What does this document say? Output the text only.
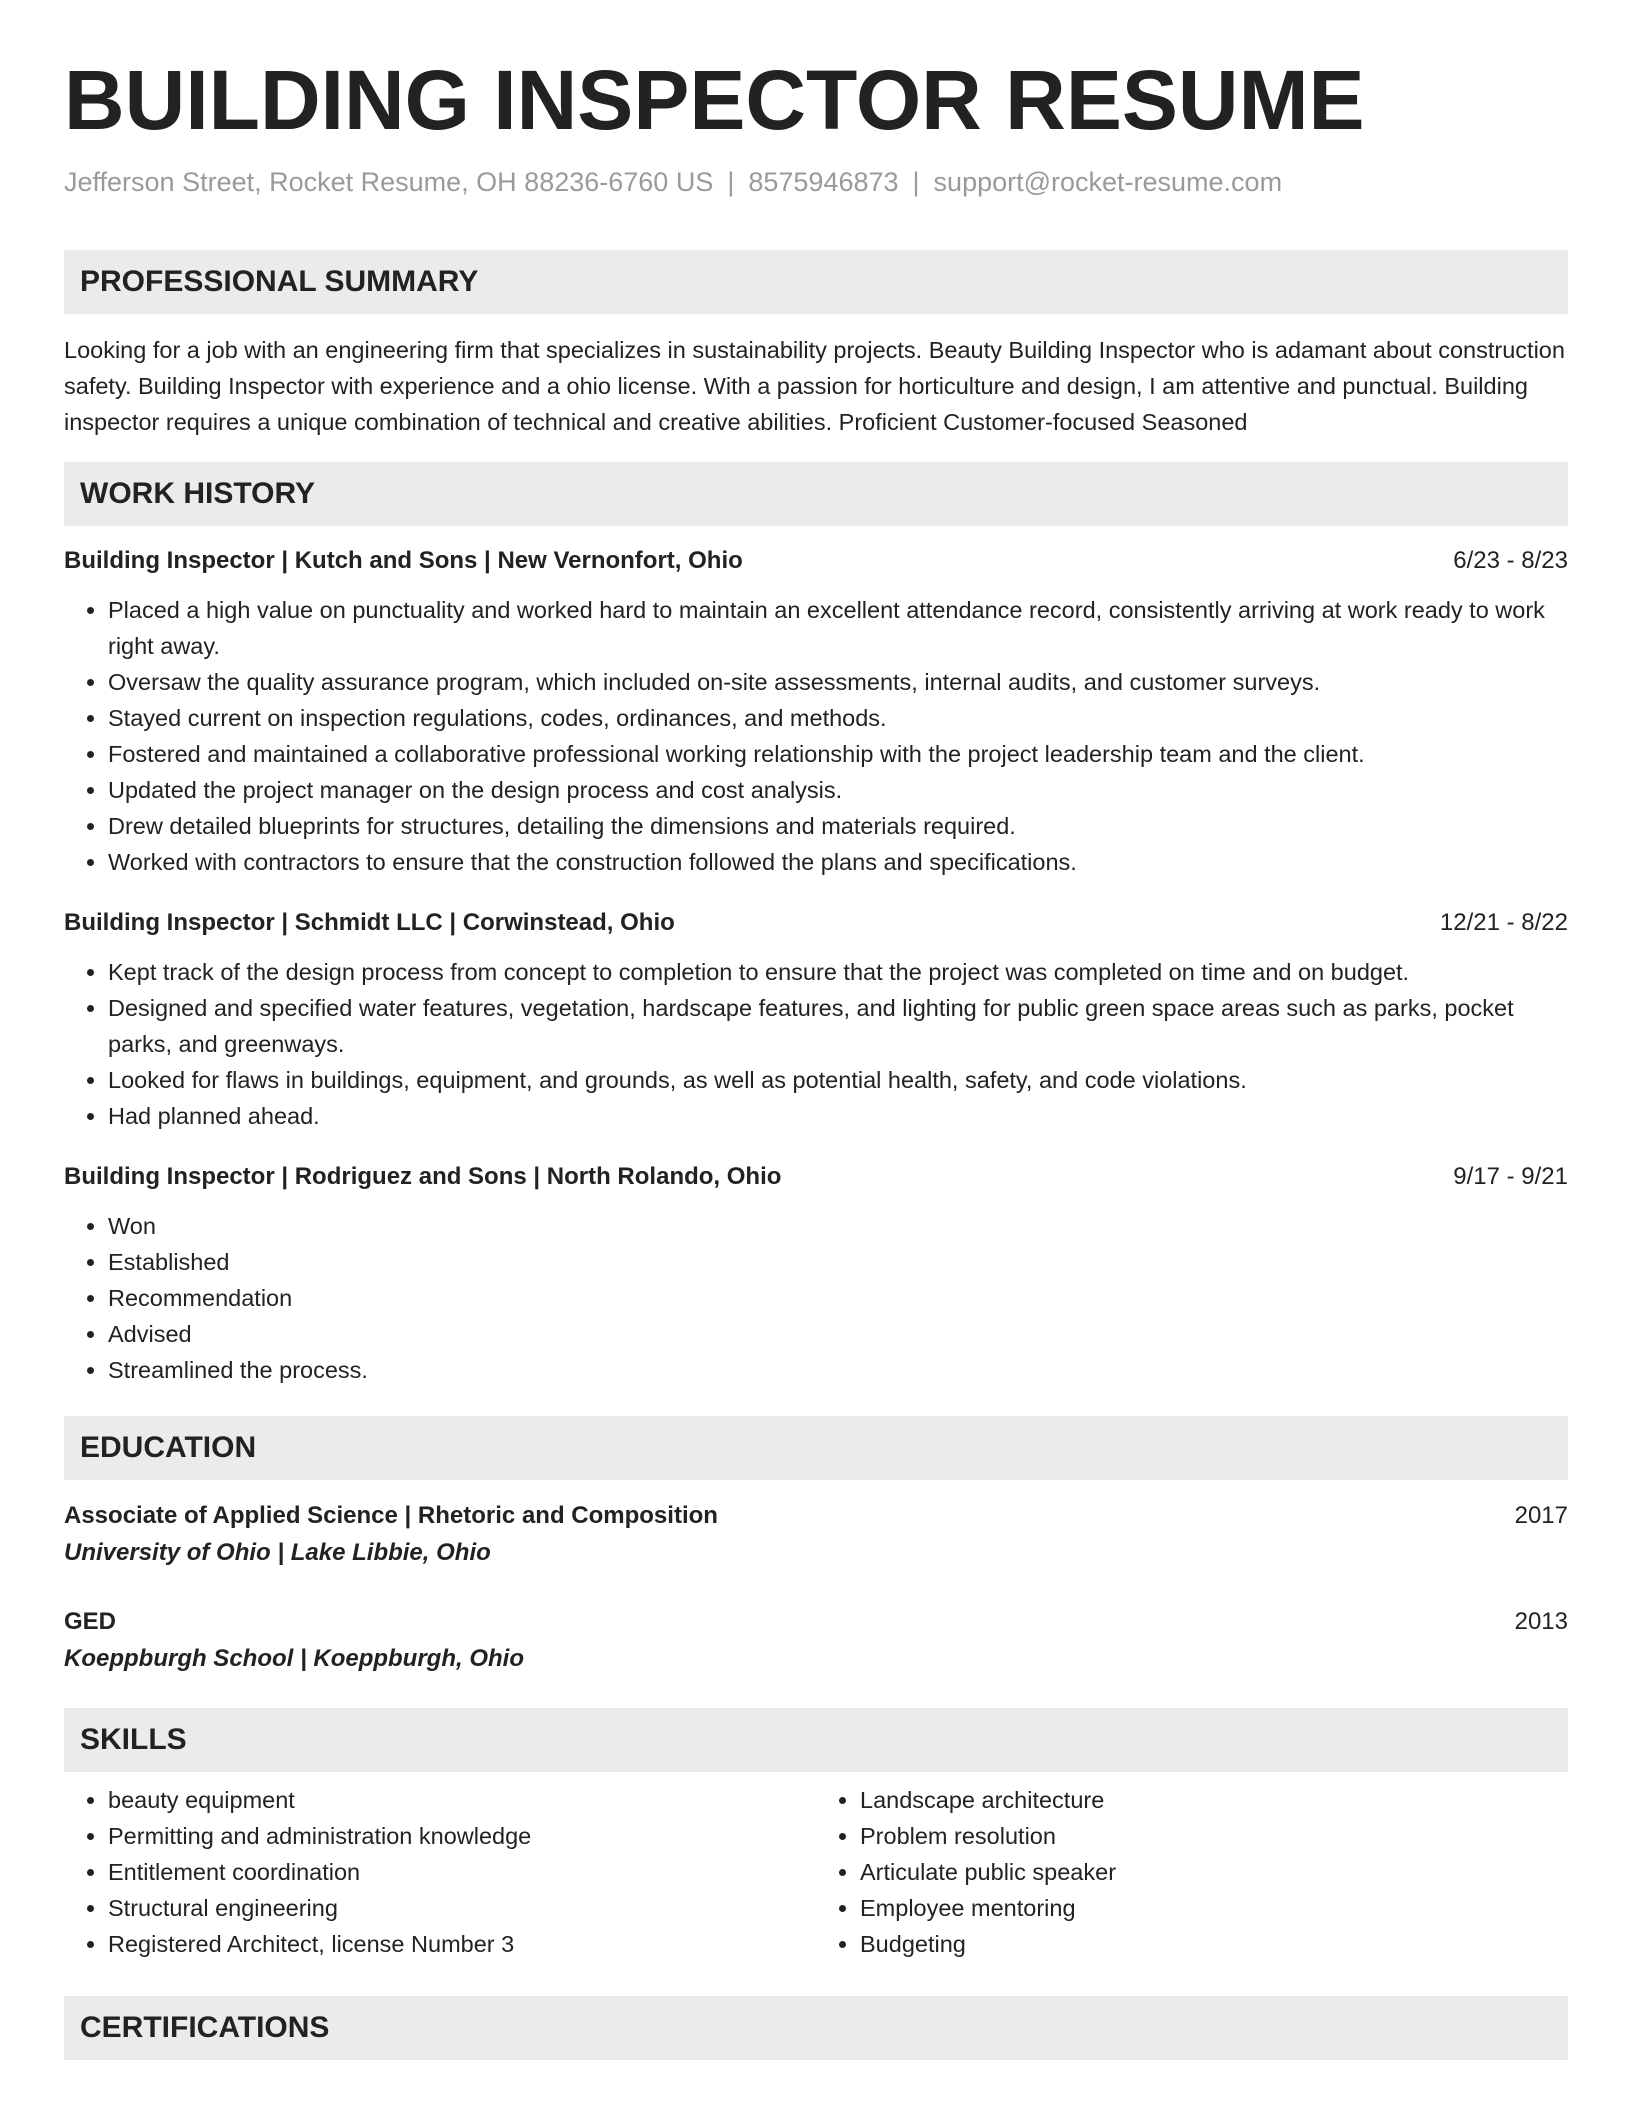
BUILDING INSPECTOR RESUME
Jefferson Street, Rocket Resume, OH 88236-6760 US | 8575946873 | support@rocket-resume.com
PROFESSIONAL SUMMARY
Looking for a job with an engineering firm that specializes in sustainability projects. Beauty Building Inspector who is adamant about construction safety. Building Inspector with experience and a ohio license. With a passion for horticulture and design, I am attentive and punctual. Building inspector requires a unique combination of technical and creative abilities. Proficient Customer-focused Seasoned
WORK HISTORY
Building Inspector | Kutch and Sons | New Vernonfort, Ohio	6/23 - 8/23
• Placed a high value on punctuality and worked hard to maintain an excellent attendance record, consistently arriving at work ready to work right away.
• Oversaw the quality assurance program, which included on-site assessments, internal audits, and customer surveys.
• Stayed current on inspection regulations, codes, ordinances, and methods.
• Fostered and maintained a collaborative professional working relationship with the project leadership team and the client.
• Updated the project manager on the design process and cost analysis.
• Drew detailed blueprints for structures, detailing the dimensions and materials required.
• Worked with contractors to ensure that the construction followed the plans and specifications.
Building Inspector | Schmidt LLC | Corwinstead, Ohio	12/21 - 8/22
• Kept track of the design process from concept to completion to ensure that the project was completed on time and on budget.
• Designed and specified water features, vegetation, hardscape features, and lighting for public green space areas such as parks, pocket parks, and greenways.
• Looked for flaws in buildings, equipment, and grounds, as well as potential health, safety, and code violations.
• Had planned ahead.
Building Inspector | Rodriguez and Sons | North Rolando, Ohio	9/17 - 9/21
• Won
• Established
• Recommendation
• Advised
• Streamlined the process.
EDUCATION
Associate of Applied Science | Rhetoric and Composition	2017
University of Ohio | Lake Libbie, Ohio
GED	2013
Koeppburgh School | Koeppburgh, Ohio
SKILLS
• beauty equipment
• Permitting and administration knowledge
• Entitlement coordination
• Structural engineering
• Registered Architect, license Number 3
• Landscape architecture
• Problem resolution
• Articulate public speaker
• Employee mentoring
• Budgeting
CERTIFICATIONS
